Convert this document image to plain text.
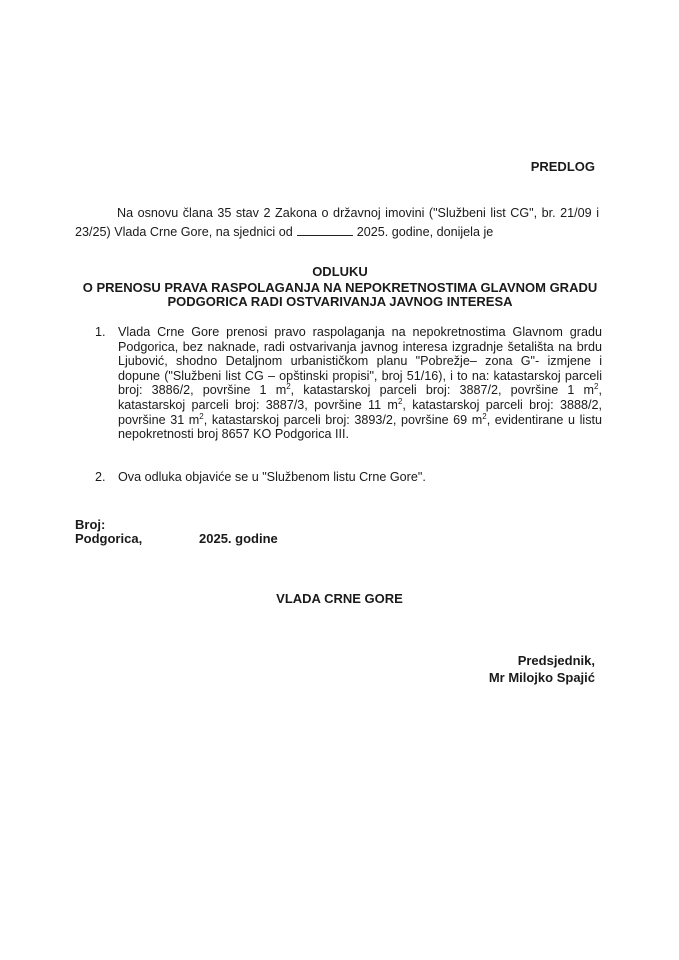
PREDLOG
Na osnovu člana 35 stav 2 Zakona o državnoj imovini ("Službeni list CG", br. 21/09 i 23/25) Vlada Crne Gore, na sjednici od	2025. godine, donijela je
ODLUKU
O PRENOSU PRAVA RASPOLAGANJA NA NEPOKRETNOSTIMA GLAVNOM GRADU PODGORICA RADI OSTVARIVANJA JAVNOG INTERESA
1. Vlada Crne Gore prenosi pravo raspolaganja na nepokretnostima Glavnom gradu Podgorica, bez naknade, radi ostvarivanja javnog interesa izgradnje šetališta na brdu Ljubović, shodno Detaljnom urbanističkom planu "Pobrežje– zona G"- izmjene i dopune ("Službeni list CG – opštinski propisi", broj 51/16), i to na: katastarskoj parceli broj: 3886/2, površine 1 $m^2$, katastarskoj parceli broj: 3887/2, površine 1 $m^2$, katastarskoj parceli broj: 3887/3, površine 11 $m^2$, katastarskoj parceli broj: 3888/2, površine 31 $m^2$, katastarskoj parceli broj: 3893/2, površine 69 $m^2$, evidentirane u listu nepokretnosti broj 8657 KO Podgorica III.
2. Ova odluka objaviće se u "Službenom listu Crne Gore".
Broj:
Podgorica,	2025. godine
VLADA CRNE GORE
Predsjednik,
Mr Milojko Spajić
